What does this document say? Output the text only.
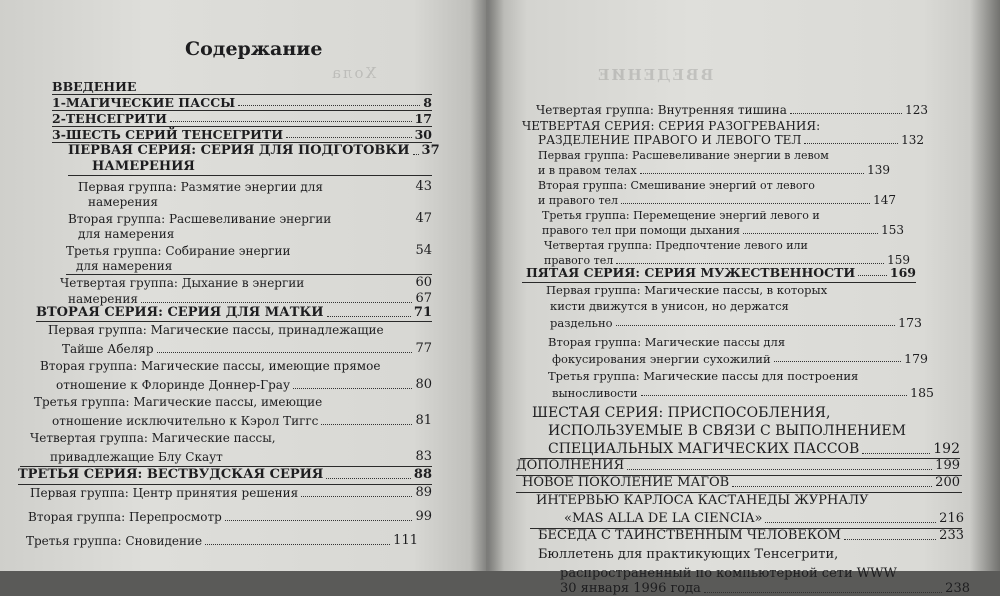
Хола
Содержание
ВВЕДЕНИЕ
1-МАГИЧЕСКИЕ ПАССЫ	8
2-ТЕНСЕГРИТИ	17
3-ШЕСТЬ СЕРИЙ ТЕНСЕГРИТИ	30
ПЕРВАЯ СЕРИЯ: СЕРИЯ ДЛЯ ПОДГОТОВКИ 37
НАМЕРЕНИЯ
Первая группа: Размятие энергии для	43
намерения
Вторая группа: Расшевеливание энергии	47
для намерения
Третья группа: Собирание энергии	54
для намерения
Четвертая группа: Дыхание в энергии	60
намерения	67
ВТОРАЯ СЕРИЯ: СЕРИЯ ДЛЯ МАТКИ	71
Первая группа: Магические пассы, принадлежащие
Тайше Абеляр	77
Вторая группа: Магические пассы, имеющие прямое
отношение к Флоринде Доннер-Грау	80
Третья группа: Магические пассы, имеющие
отношение исключительно к Кэрол Тиггс	81
Четвертая группа: Магические пассы,
привадлежащие Блу Скаут	83
ТРЕТЬЯ СЕРИЯ: ВЕСТВУДСКАЯ СЕРИЯ	88
Первая группа: Центр принятия решения	89
Вторая группа: Перепросмотр	99
Третья группа: Сновидение	111
ВВЕДЕНИЕ
Четвертая группа: Внутренняя тишина	123
ЧЕТВЕРТАЯ СЕРИЯ: СЕРИЯ РАЗОГРЕВАНИЯ:
РАЗДЕЛЕНИЕ ПРАВОГО И ЛЕВОГО ТЕЛ	132
Первая группа: Расшевеливание энергии в левом
и в правом телах	139
Вторая группа: Смешивание энергий от левого
и правого тел	147
Третья группа: Перемещение энергий левого и
правого тел при помощи дыхания	153
Четвертая группа: Предпочтение левого или
правого тел	159
ПЯТАЯ СЕРИЯ: СЕРИЯ МУЖЕСТВЕННОСТИ	169
Первая группа: Магические пассы, в которых
кисти движутся в унисон, но держатся
раздельно	173
Вторая группа: Магические пассы для
фокусирования энергии сухожилий	179
Третья группа: Магические пассы для построения
выносливости	185
ШЕСТАЯ СЕРИЯ: ПРИСПОСОБЛЕНИЯ,
ИСПОЛЬЗУЕМЫЕ В СВЯЗИ С ВЫПОЛНЕНИЕМ
СПЕЦИАЛЬНЫХ МАГИЧЕСКИХ ПАССОВ	192
ДОПОЛНЕНИЯ	199
НОВОЕ ПОКОЛЕНИЕ МАГОВ	200
ИНТЕРВЬЮ КАРЛОСА КАСТАНЕДЫ ЖУРНАЛУ
«MAS ALLA DE LA CIENCIA»	216
БЕСЕДА С ТАИНСТВЕННЫМ ЧЕЛОВЕКОМ	233
Бюллетень для практикующих Тенсегрити,
распространенный по компьютерной сети WWW
30 января 1996 года	238
